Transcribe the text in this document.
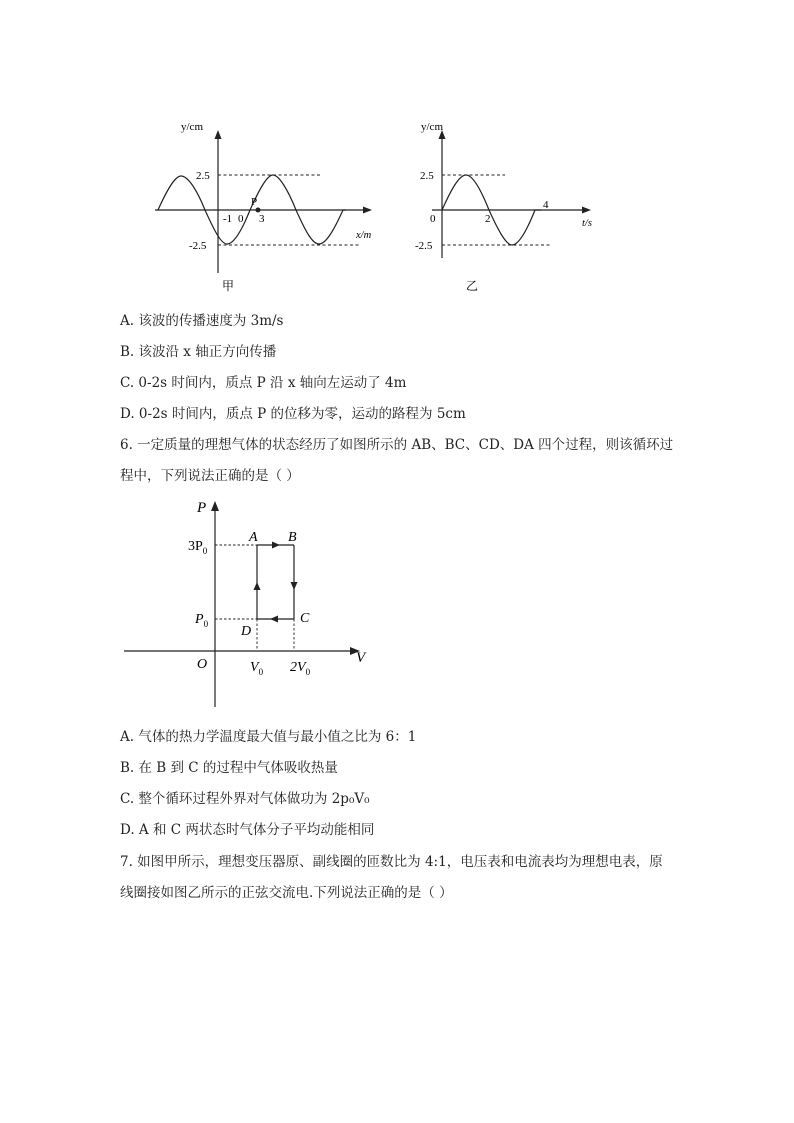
y/cm
x/m
2.5
-2.5
-1 0 3
P
甲
y/cm
t/s
2.5
-2.5
0	2
4
乙
A. 该波的传播速度为 3m/s
B. 该波沿 x 轴正方向传播
C. 0-2s 时间内，质点 P 沿 x 轴向左运动了 4m
D. 0-2s 时间内，质点 P 的位移为零，运动的路程为 5cm
6. 一定质量的理想气体的状态经历了如图所示的 AB、BC、CD、DA 四个过程，则该循环过
程中，下列说法正确的是（ ）
P
V
O
$3P_0$
$P_0$
$V_0$ $2V_0$
A B
C
D
A. 气体的热力学温度最大值与最小值之比为 6：1
B. 在 B 到 C 的过程中气体吸收热量
C. 整个循环过程外界对气体做功为 2p₀V₀
D. A 和 C 两状态时气体分子平均动能相同
7. 如图甲所示，理想变压器原、副线圈的匝数比为 4:1，电压表和电流表均为理想电表，原
线圈接如图乙所示的正弦交流电.下列说法正确的是（ ）
